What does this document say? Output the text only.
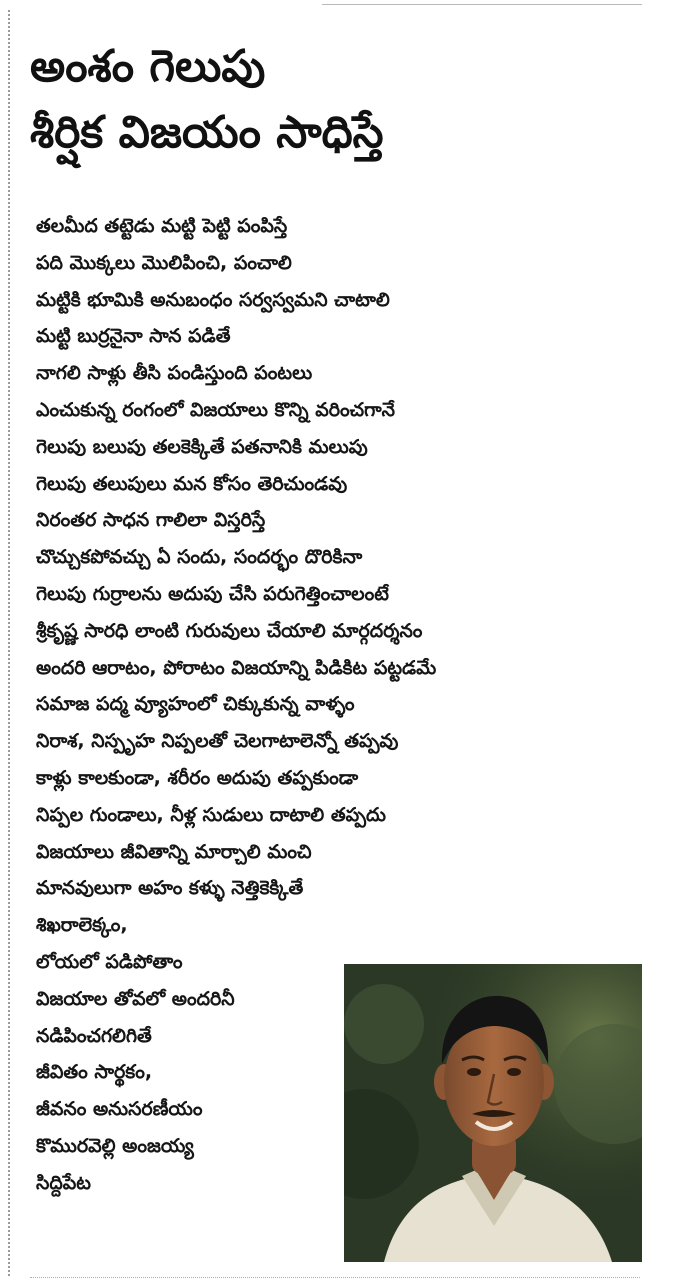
అంశం గెలుపు
శీర్షిక విజయం సాధిస్తే
తలమీద తట్టెడు మట్టి పెట్టి పంపిస్తే
పది మొక్కలు మొలిపించి, పంచాలి
మట్టికి భూమికి అనుబంధం సర్వస్వమని చాటాలి
మట్టి బుర్రనైనా సాన పడితే
నాగలి సాళ్లు తీసి పండిస్తుంది పంటలు
ఎంచుకున్న రంగంలో విజయాలు కొన్ని వరించగానే
గెలుపు బలుపు తలకెక్కితే పతనానికి మలుపు
గెలుపు తలుపులు మన కోసం తెరిచుండవు
నిరంతర సాధన గాలిలా విస్తరిస్తే
చొచ్చుకపోవచ్చు ఏ సందు, సందర్భం దొరికినా
గెలుపు గుర్రాలను అదుపు చేసి పరుగెత్తించాలంటే
శ్రీకృష్ణ సారధి లాంటి గురువులు చేయాలి మార్గదర్శనం
అందరి ఆరాటం, పోరాటం విజయాన్ని పిడికిట పట్టడమే
సమాజ పద్మ వ్యూహంలో చిక్కుకున్న వాళ్ళం
నిరాశ, నిస్పృహ నిప్పలతో చెలగాటాలెన్నో తప్పవు
కాళ్లు కాలకుండా, శరీరం అదుపు తప్పకుండా
నిప్పల గుండాలు, నీళ్ల సుడులు దాటాలి తప్పదు
విజయాలు జీవితాన్ని మార్చాలి మంచి
మానవులుగా అహం కళ్ళు నెత్తికెక్కితే
శిఖరాలెక్కం,
లోయలో పడిపోతాం
విజయాల తోవలో అందరినీ
నడిపించగలిగితే
జీవితం సార్థకం,
జీవనం అనుసరణీయం
కొమురవెల్లి అంజయ్య
సిద్దిపేట
